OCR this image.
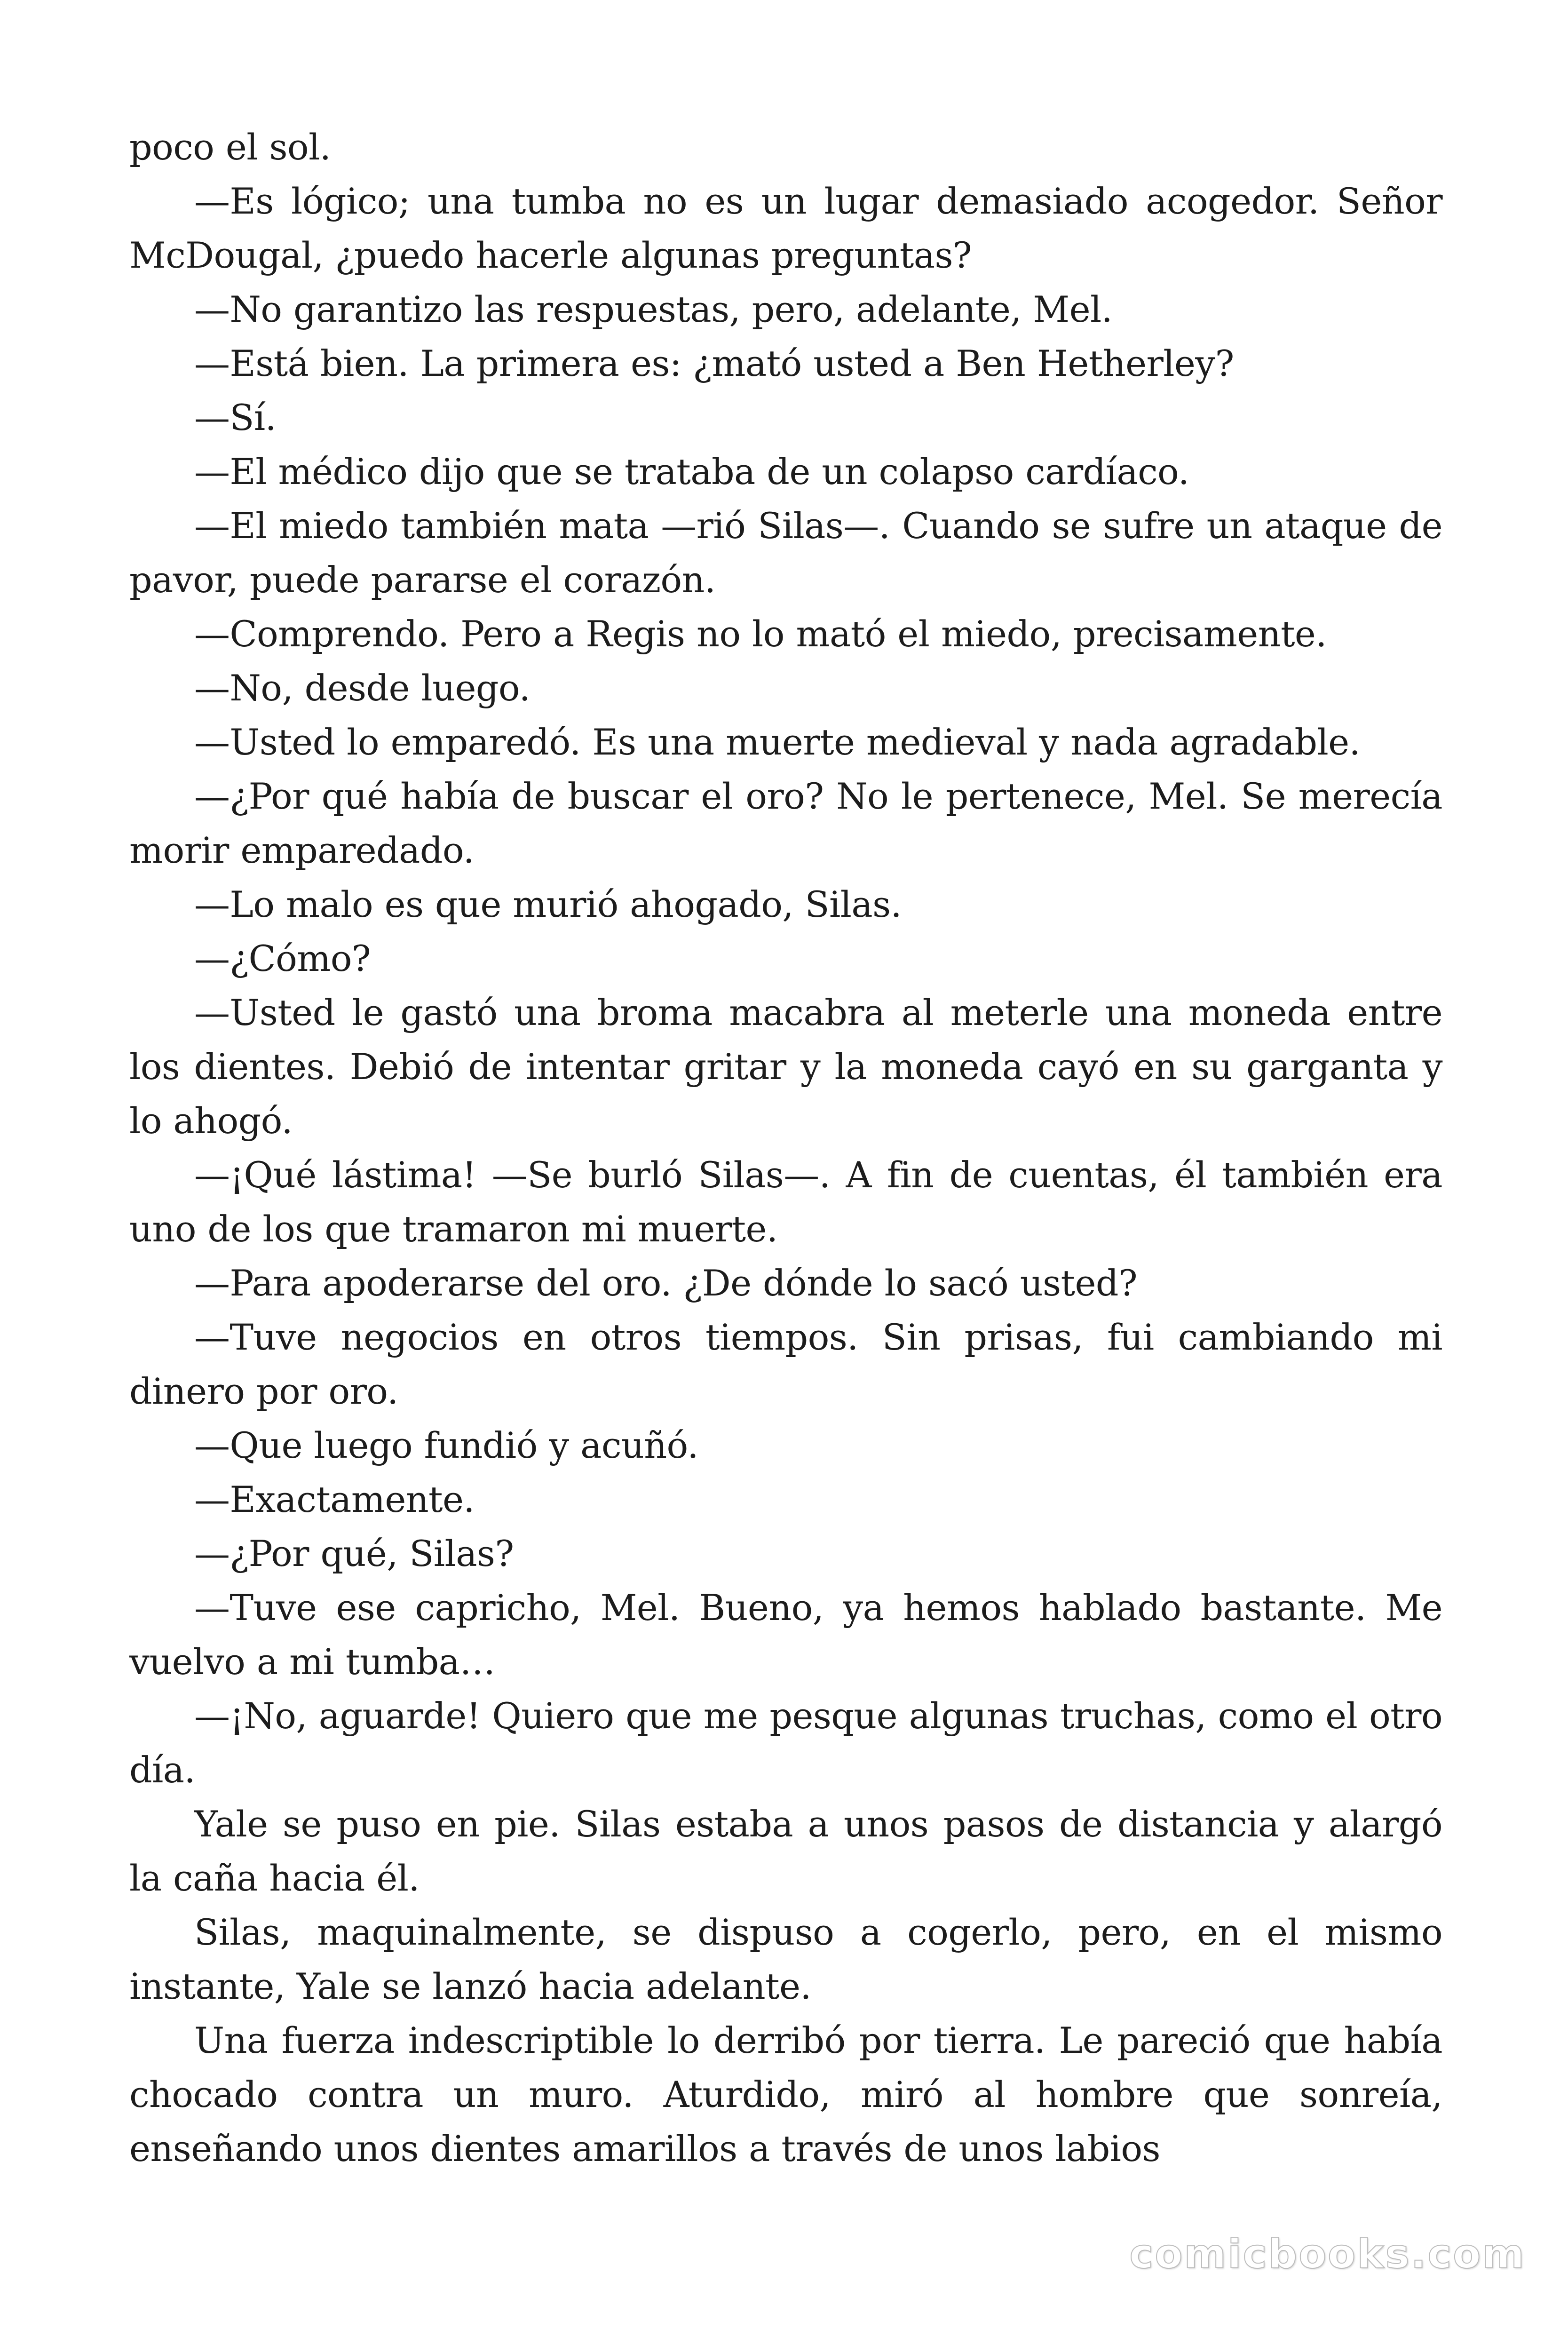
poco el sol.

—Es lógico; una tumba no es un lugar demasiado acogedor. Señor McDougal, ¿puedo hacerle algunas preguntas?

—No garantizo las respuestas, pero, adelante, Mel.

—Está bien. La primera es: ¿mató usted a Ben Hetherley?

—Sí.

—El médico dijo que se trataba de un colapso cardíaco.

—El miedo también mata —rió Silas—. Cuando se sufre un ataque de pavor, puede pararse el corazón.

—Comprendo. Pero a Regis no lo mató el miedo, precisamente.

—No, desde luego.

—Usted lo emparedó. Es una muerte medieval y nada agradable.

—¿Por qué había de buscar el oro? No le pertenece, Mel. Se merecía morir emparedado.

—Lo malo es que murió ahogado, Silas.

—¿Cómo?

—Usted le gastó una broma macabra al meterle una moneda entre los dientes. Debió de intentar gritar y la moneda cayó en su garganta y lo ahogó.

—¡Qué lástima! —Se burló Silas—. A fin de cuentas, él también era uno de los que tramaron mi muerte.

—Para apoderarse del oro. ¿De dónde lo sacó usted?

—Tuve negocios en otros tiempos. Sin prisas, fui cambiando mi dinero por oro.

—Que luego fundió y acuñó.

—Exactamente.

—¿Por qué, Silas?

—Tuve ese capricho, Mel. Bueno, ya hemos hablado bastante. Me vuelvo a mi tumba…

—¡No, aguarde! Quiero que me pesque algunas truchas, como el otro día.

Yale se puso en pie. Silas estaba a unos pasos de distancia y alargó la caña hacia él.

Silas, maquinalmente, se dispuso a cogerlo, pero, en el mismo instante, Yale se lanzó hacia adelante.

Una fuerza indescriptible lo derribó por tierra. Le pareció que había chocado contra un muro. Aturdido, miró al hombre que sonreía, enseñando unos dientes amarillos a través de unos labios

comicbooks.com
